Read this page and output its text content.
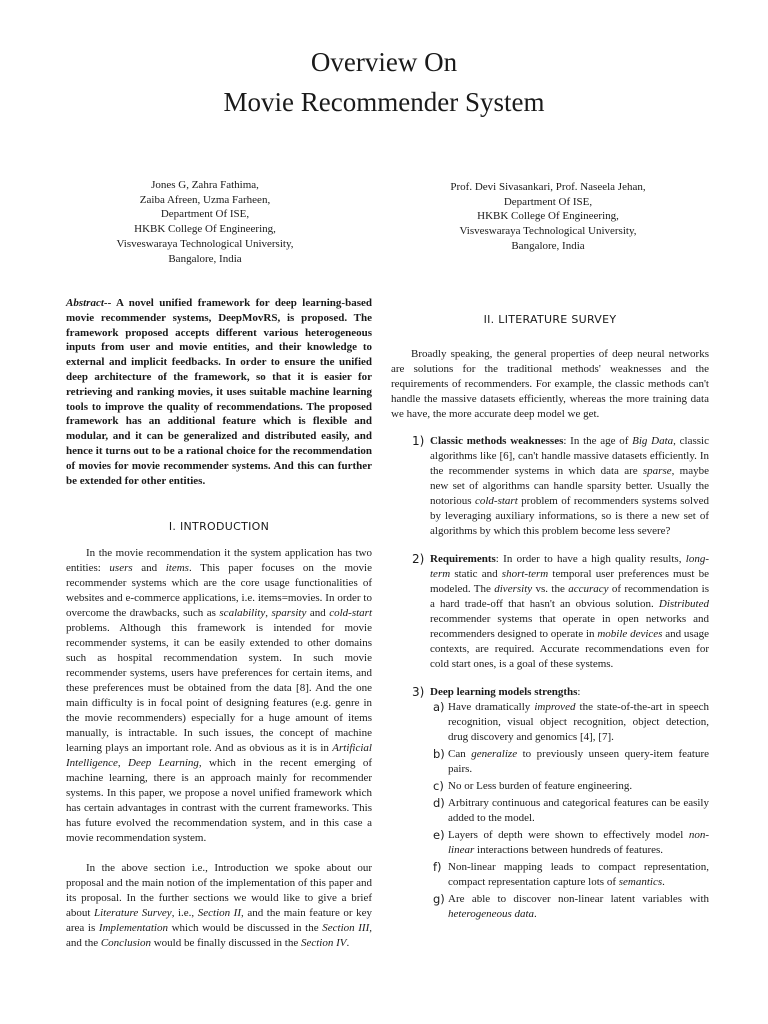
Overview On
Movie Recommender System
Jones G, Zahra Fathima,
Zaiba Afreen, Uzma Farheen,
Department Of ISE,
HKBK College Of Engineering,
Visveswaraya Technological University,
Bangalore, India
Prof. Devi Sivasankari, Prof. Naseela Jehan,
Department Of ISE,
HKBK College Of Engineering,
Visveswaraya Technological University,
Bangalore, India

Abstract-- A novel unified framework for deep learning-based movie recommender systems, DeepMovRS, is proposed. The framework proposed accepts different various heterogeneous inputs from user and movie entities, and their knowledge to external and implicit feedbacks. In order to ensure the unified deep architecture of the framework, so that it is easier for retrieving and ranking movies, it uses suitable machine learning tools to improve the quality of recommendations. The proposed framework has an additional feature which is flexible and modular, and it can be generalized and distributed easily, and hence it turns out to be a rational choice for the recommendation of movies for movie recommender systems. And this can further be extended for other entities.

I. INTRODUCTION

In the movie recommendation it the system application has two entities: users and items. This paper focuses on the movie recommender systems which are the core usage functionalities of websites and e-commerce applications, i.e. items=movies. In order to overcome the drawbacks, such as scalability, sparsity and cold-start problems. Although this framework is intended for movie recommender systems, it can be easily extended to other domains such as hospital recommendation system. In such movie recommender systems, users have preferences for certain items, and these preferences must be obtained from the data [8]. And the one main difficulty is in focal point of designing features (e.g. genre in the movie recommenders) especially for a huge amount of items manually, is intractable. In such issues, the concept of machine learning plays an important role. And as obvious as it is in Artificial Intelligence, Deep Learning, which in the recent emerging of machine learning, there is an approach mainly for recommender systems. In this paper, we propose a novel unified framework which has certain advantages in contrast with the current frameworks. This has future evolved the recommendation system, and in this case a movie recommendation system.

In the above section i.e., Introduction we spoke about our proposal and the main notion of the implementation of this paper and its proposal. In the further sections we would like to give a brief about Literature Survey, i.e., Section II, and the main feature or key area is Implementation which would be discussed in the Section III, and the Conclusion would be finally discussed in the Section IV.

II. LITERATURE SURVEY

Broadly speaking, the general properties of deep neural networks are solutions for the traditional methods' weaknesses and the requirements of recommenders. For example, the classic methods can't handle the massive datasets efficiently, whereas the more training data we have, the more accurate deep model we get.

1) Classic methods weaknesses: In the age of Big Data, classic algorithms like [6], can't handle massive datasets efficiently. In the recommender systems in which data are sparse, maybe new set of algorithms can handle sparsity better. Usually the notorious cold-start problem of recommenders systems solved by leveraging auxiliary informations, so is there a new set of algorithms by which this problem become less severe?
2) Requirements: In order to have a high quality results, long-term static and short-term temporal user preferences must be modeled. The diversity vs. the accuracy of recommendation is a hard trade-off that hasn't an obvious solution. Distributed recommender systems that operate in open networks and recommenders designed to operate in mobile devices and usage contexts, are required. Accurate recommendations even for cold start ones, is a goal of these systems.
3) Deep learning models strengths:
a) Have dramatically improved the state-of-the-art in speech recognition, visual object recognition, object detection, drug discovery and genomics [4], [7].
b) Can generalize to previously unseen query-item feature pairs.
c) No or Less burden of feature engineering.
d) Arbitrary continuous and categorical features can be easily added to the model.
e) Layers of depth were shown to effectively model non-linear interactions between hundreds of features.
f) Non-linear mapping leads to compact representation, compact representation capture lots of semantics.
g) Are able to discover non-linear latent variables with heterogeneous data.
